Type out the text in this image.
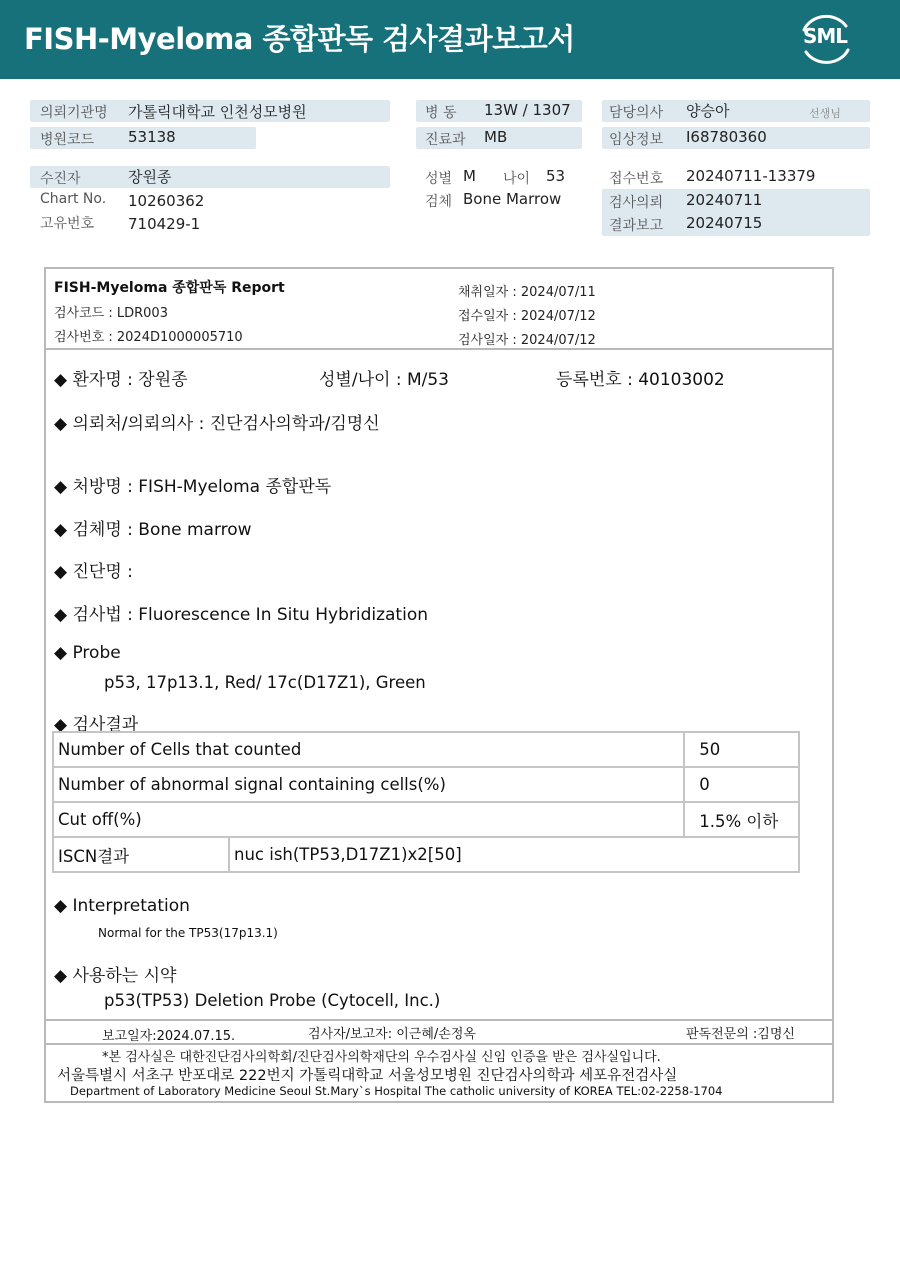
FISH-Myeloma 종합판독 검사결과보고서	SML
의뢰기관명 가톨릭대학교 인천성모병원
병원코드 53138
병 동 13W / 1307
진료과 MB
담당의사 양승아	선생님
임상정보 I68780360
수진자	장원종
Chart No. 10260362
고유번호 710429-1
성별 M 나이 53
검체 Bone Marrow
접수번호 20240711-13379
검사의뢰 20240711
결과보고 20240715
FISH-Myeloma 종합판독 Report
검사코드 : LDR003
검사번호 : 2024D1000005710
채취일자 : 2024/07/11
접수일자 : 2024/07/12
검사일자 : 2024/07/12
◆ 환자명 : 장원종	성별/나이 : M/53	등록번호 : 40103002
◆ 의뢰처/의뢰의사 : 진단검사의학과/김명신
◆ 처방명 : FISH-Myeloma 종합판독
◆ 검체명 : Bone marrow
◆ 진단명 :
◆ 검사법 : Fluorescence In Situ Hybridization
◆ Probe
p53, 17p13.1, Red/ 17c(D17Z1), Green
◆ 검사결과
Number of Cells that counted		50
Number of abnormal signal containing cells(%)		0
Cut off(%)		1.5% 이하
ISCN결과	nuc ish(TP53,D17Z1)x2[50]	
◆ Interpretation
Normal for the TP53(17p13.1)
◆ 사용하는 시약
p53(TP53) Deletion Probe (Cytocell, Inc.)
보고일자:2024.07.15.	검사자/보고자: 이근혜/손정옥	판독전문의 :김명신
*본 검사실은 대한진단검사의학회/진단검사의학재단의 우수검사실 신임 인증을 받은 검사실입니다.
서울특별시 서초구 반포대로 222번지 가톨릭대학교 서울성모병원 진단검사의학과 세포유전검사실
Department of Laboratory Medicine Seoul St.Mary`s Hospital The catholic university of KOREA TEL:02-2258-1704
